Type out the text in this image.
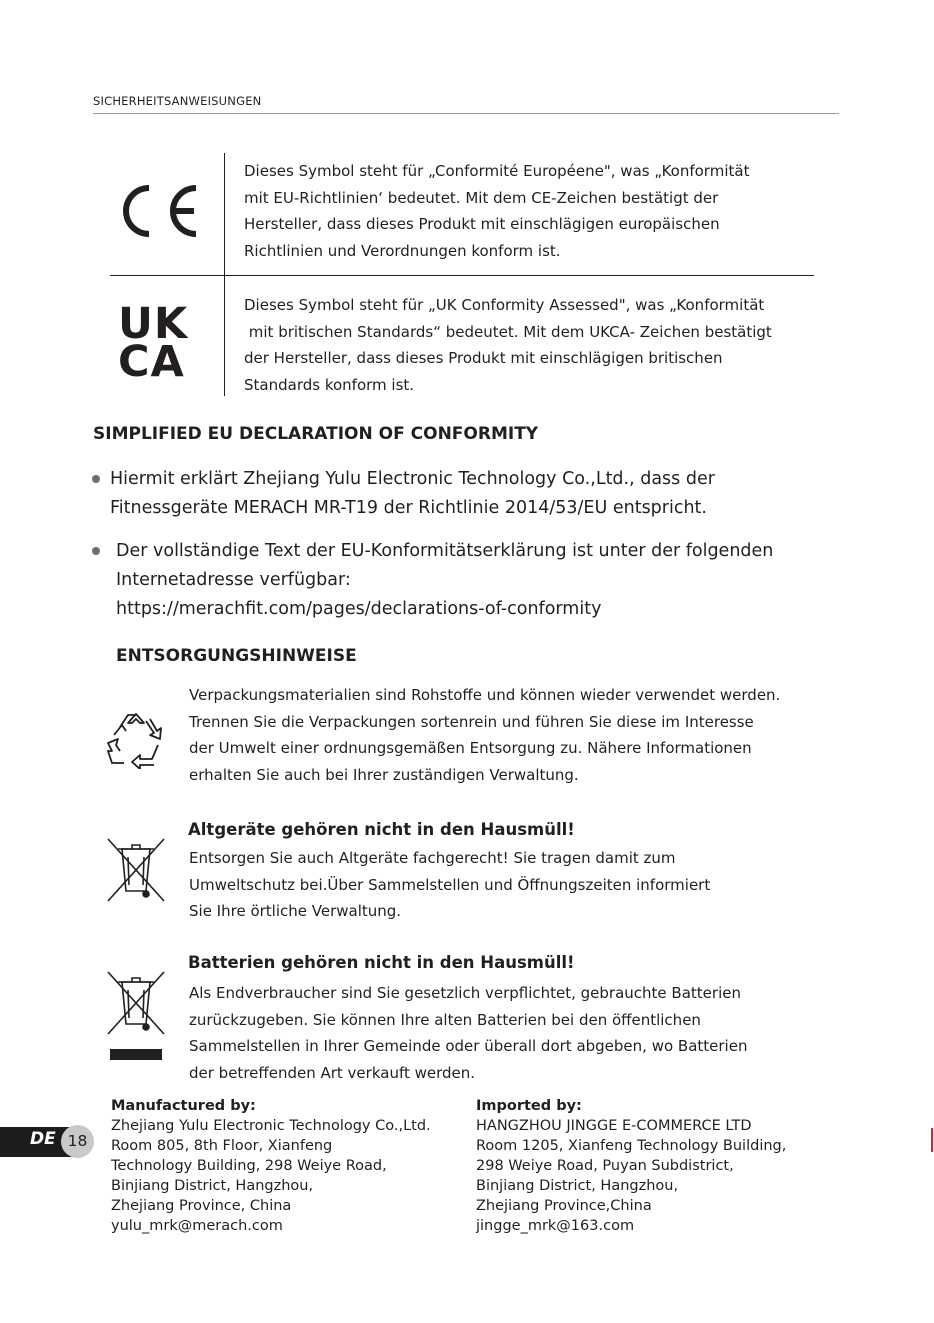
SICHERHEITSANWEISUNGEN
Dieses Symbol steht für „Conformité Européene", was „Konformität
mit EU-Richtlinien‘ bedeutet. Mit dem CE-Zeichen bestätigt der
Hersteller, dass dieses Produkt mit einschlägigen europäischen
Richtlinien und Verordnungen konform ist.
UK
CA
Dieses Symbol steht für „UK Conformity Assessed", was „Konformität
mit britischen Standards“ bedeutet. Mit dem UKCA- Zeichen bestätigt
der Hersteller, dass dieses Produkt mit einschlägigen britischen
Standards konform ist.
SIMPLIFIED EU DECLARATION OF CONFORMITY
Hiermit erklärt Zhejiang Yulu Electronic Technology Co.,Ltd., dass der
Fitnessgeräte MERACH MR-T19 der Richtlinie 2014/53/EU entspricht.
Der vollständige Text der EU-Konformitätserklärung ist unter der folgenden
Internetadresse verfügbar:
https://merachfit.com/pages/declarations-of-conformity
ENTSORGUNGSHINWEISE
Verpackungsmaterialien sind Rohstoffe und können wieder verwendet werden.
Trennen Sie die Verpackungen sortenrein und führen Sie diese im Interesse
der Umwelt einer ordnungsgemäßen Entsorgung zu. Nähere Informationen
erhalten Sie auch bei Ihrer zuständigen Verwaltung.
Altgeräte gehören nicht in den Hausmüll!
Entsorgen Sie auch Altgeräte fachgerecht! Sie tragen damit zum
Umweltschutz bei.Über Sammelstellen und Öffnungszeiten informiert
Sie Ihre örtliche Verwaltung.
Batterien gehören nicht in den Hausmüll!
Als Endverbraucher sind Sie gesetzlich verpflichtet, gebrauchte Batterien
zurückzugeben. Sie können Ihre alten Batterien bei den öffentlichen
Sammelstellen in Ihrer Gemeinde oder überall dort abgeben, wo Batterien
der betreffenden Art verkauft werden.
Manufactured by:
Zhejiang Yulu Electronic Technology Co.,Ltd.
Room 805, 8th Floor, Xianfeng
Technology Building, 298 Weiye Road,
Binjiang District, Hangzhou,
Zhejiang Province, China
yulu_mrk@merach.com
Imported by:
HANGZHOU JINGGE E-COMMERCE LTD
Room 1205, Xianfeng Technology Building,
298 Weiye Road, Puyan Subdistrict,
Binjiang District, Hangzhou,
Zhejiang Province,China
jingge_mrk@163.com
DE 18
